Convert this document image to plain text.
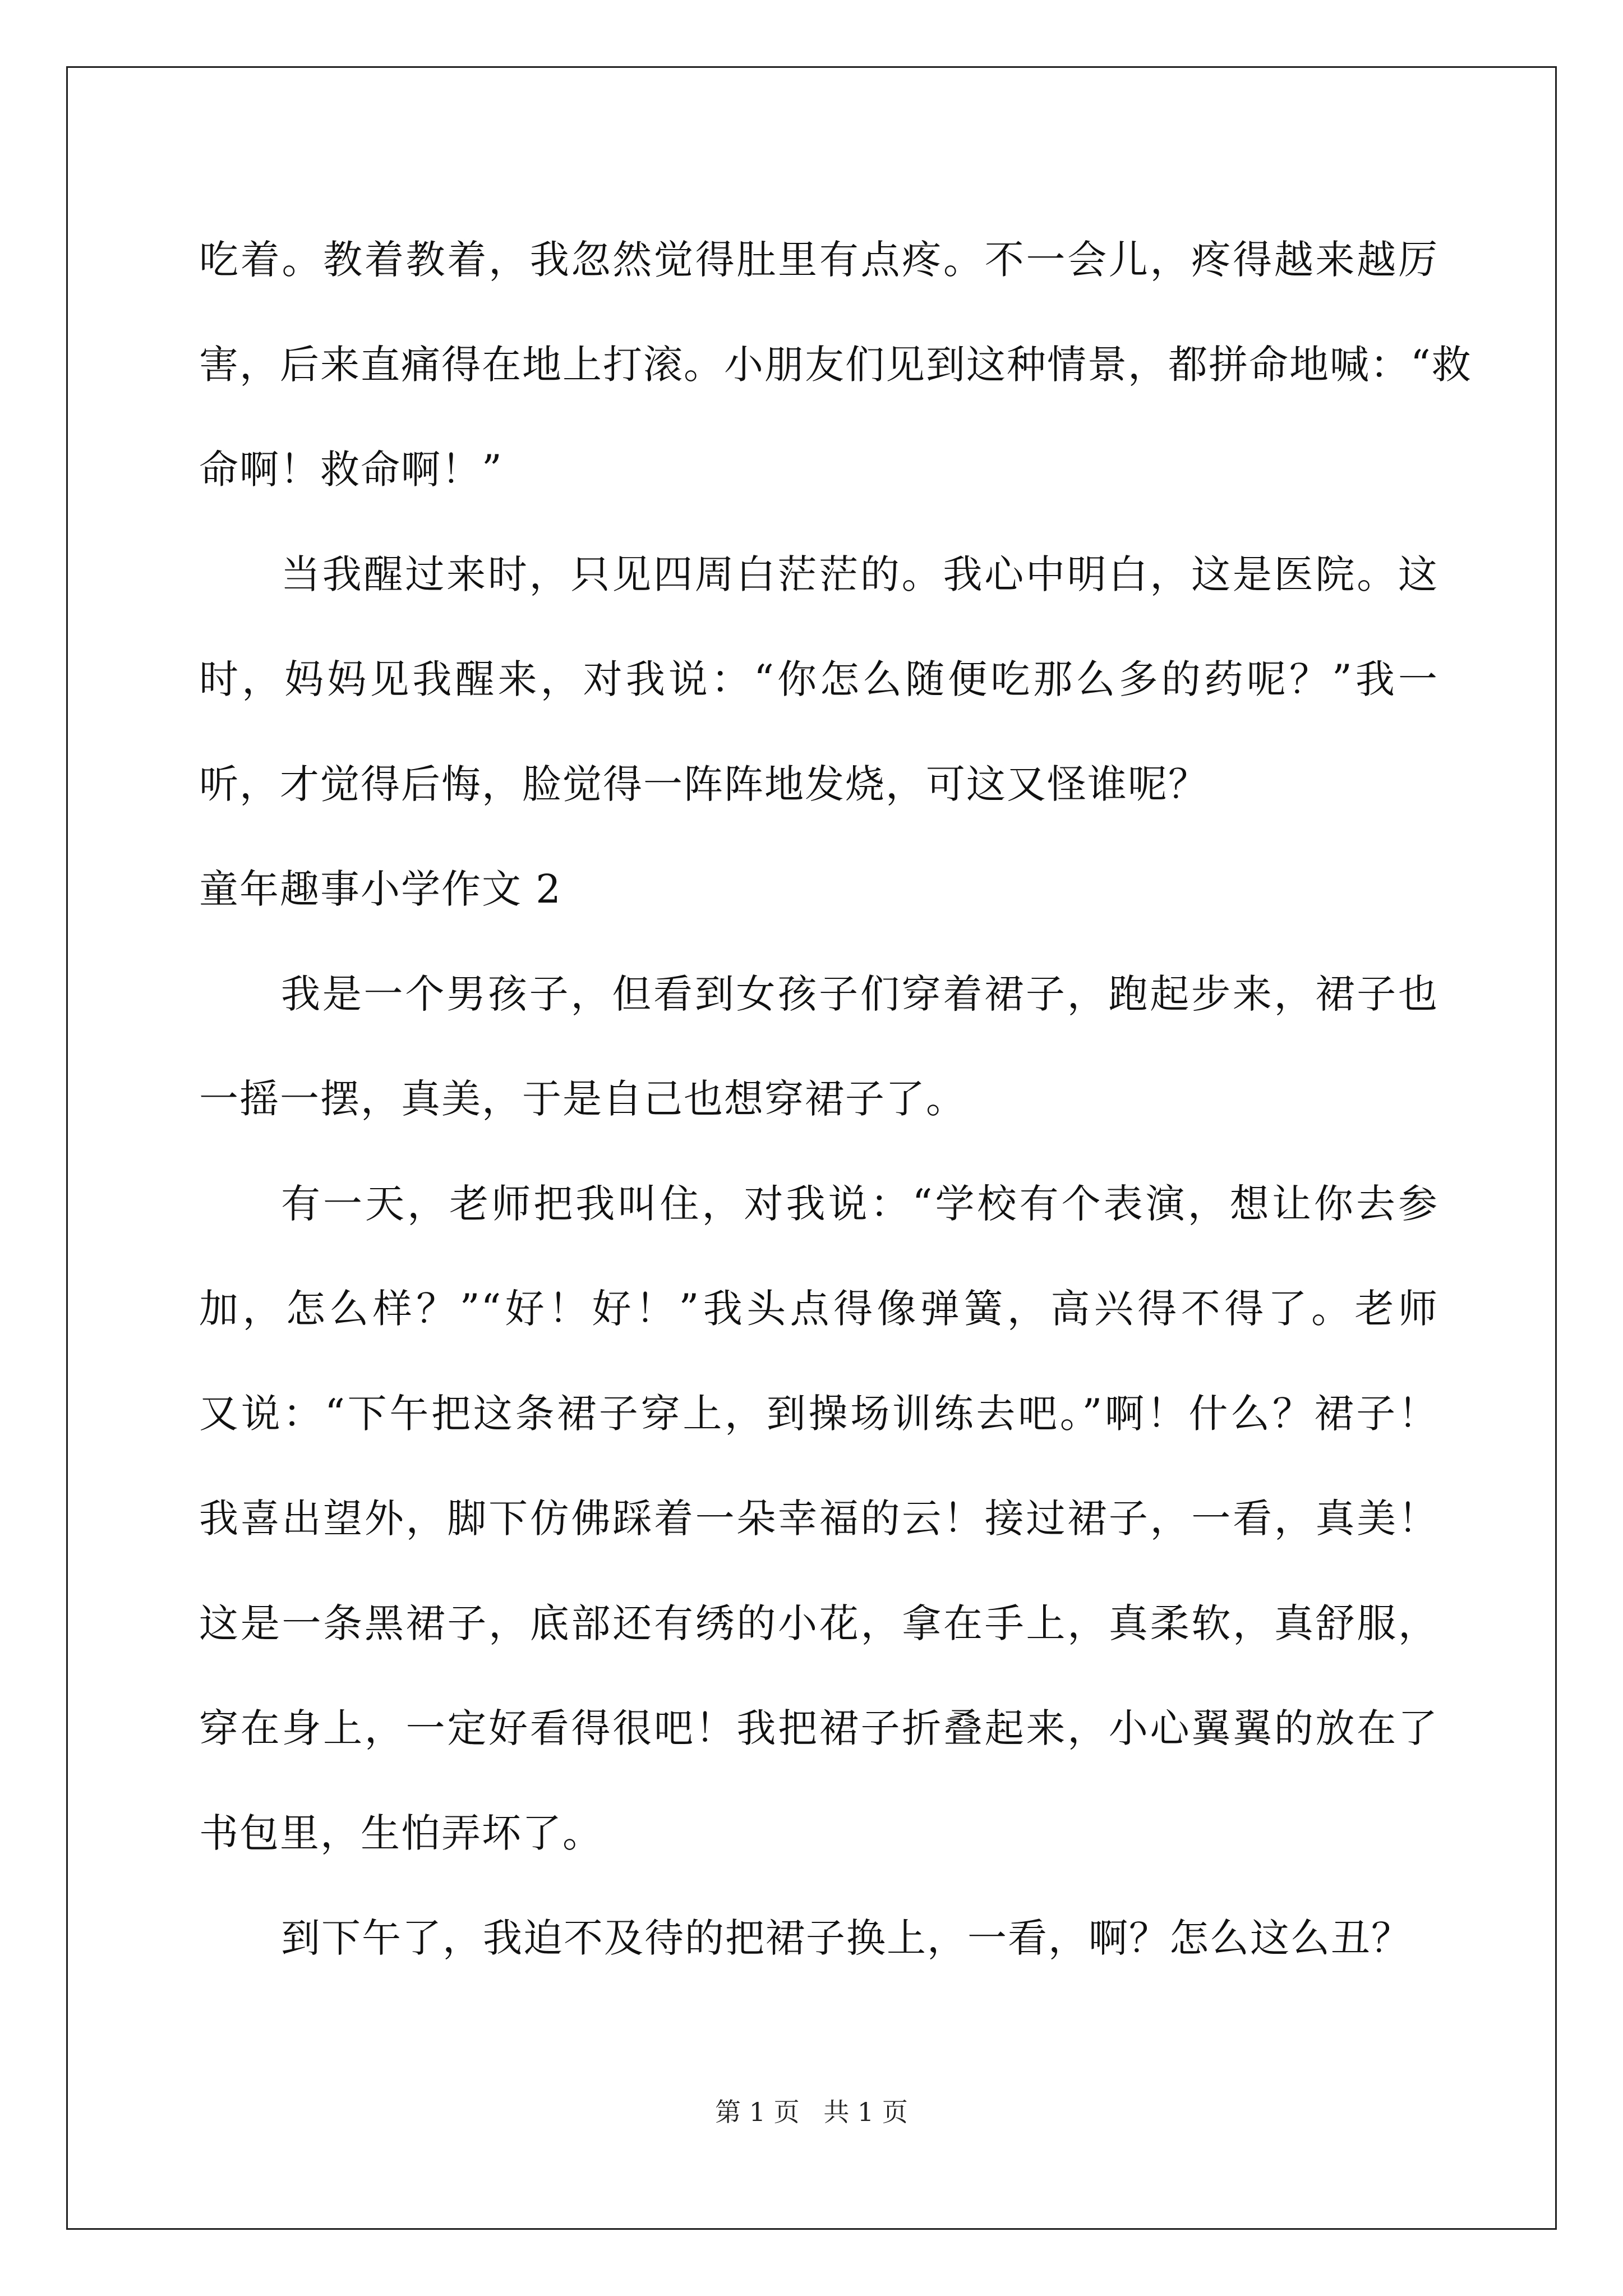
吃着。教着教着，我忽然觉得肚里有点疼。不一会儿，疼得越来越厉
害，后来直痛得在地上打滚。小朋友们见到这种情景，都拼命地喊：“救
命啊！救命啊！”
当我醒过来时，只见四周白茫茫的。我心中明白，这是医院。这
时，妈妈见我醒来，对我说：“你怎么随便吃那么多的药呢？”我一
听，才觉得后悔，脸觉得一阵阵地发烧，可这又怪谁呢？
童年趣事小学作文 2
我是一个男孩子，但看到女孩子们穿着裙子，跑起步来，裙子也
一摇一摆，真美，于是自己也想穿裙子了。
有一天，老师把我叫住，对我说：“学校有个表演，想让你去参
加，怎么样？”“好！好！”我头点得像弹簧，高兴得不得了。老师
又说：“下午把这条裙子穿上，到操场训练去吧。”啊！什么？裙子！
我喜出望外，脚下仿佛踩着一朵幸福的云！接过裙子，一看，真美！
这是一条黑裙子，底部还有绣的小花，拿在手上，真柔软，真舒服，
穿在身上，一定好看得很吧！我把裙子折叠起来，小心翼翼的放在了
书包里，生怕弄坏了。
到下午了，我迫不及待的把裙子换上，一看，啊？怎么这么丑？
第 1 页 共 1 页
